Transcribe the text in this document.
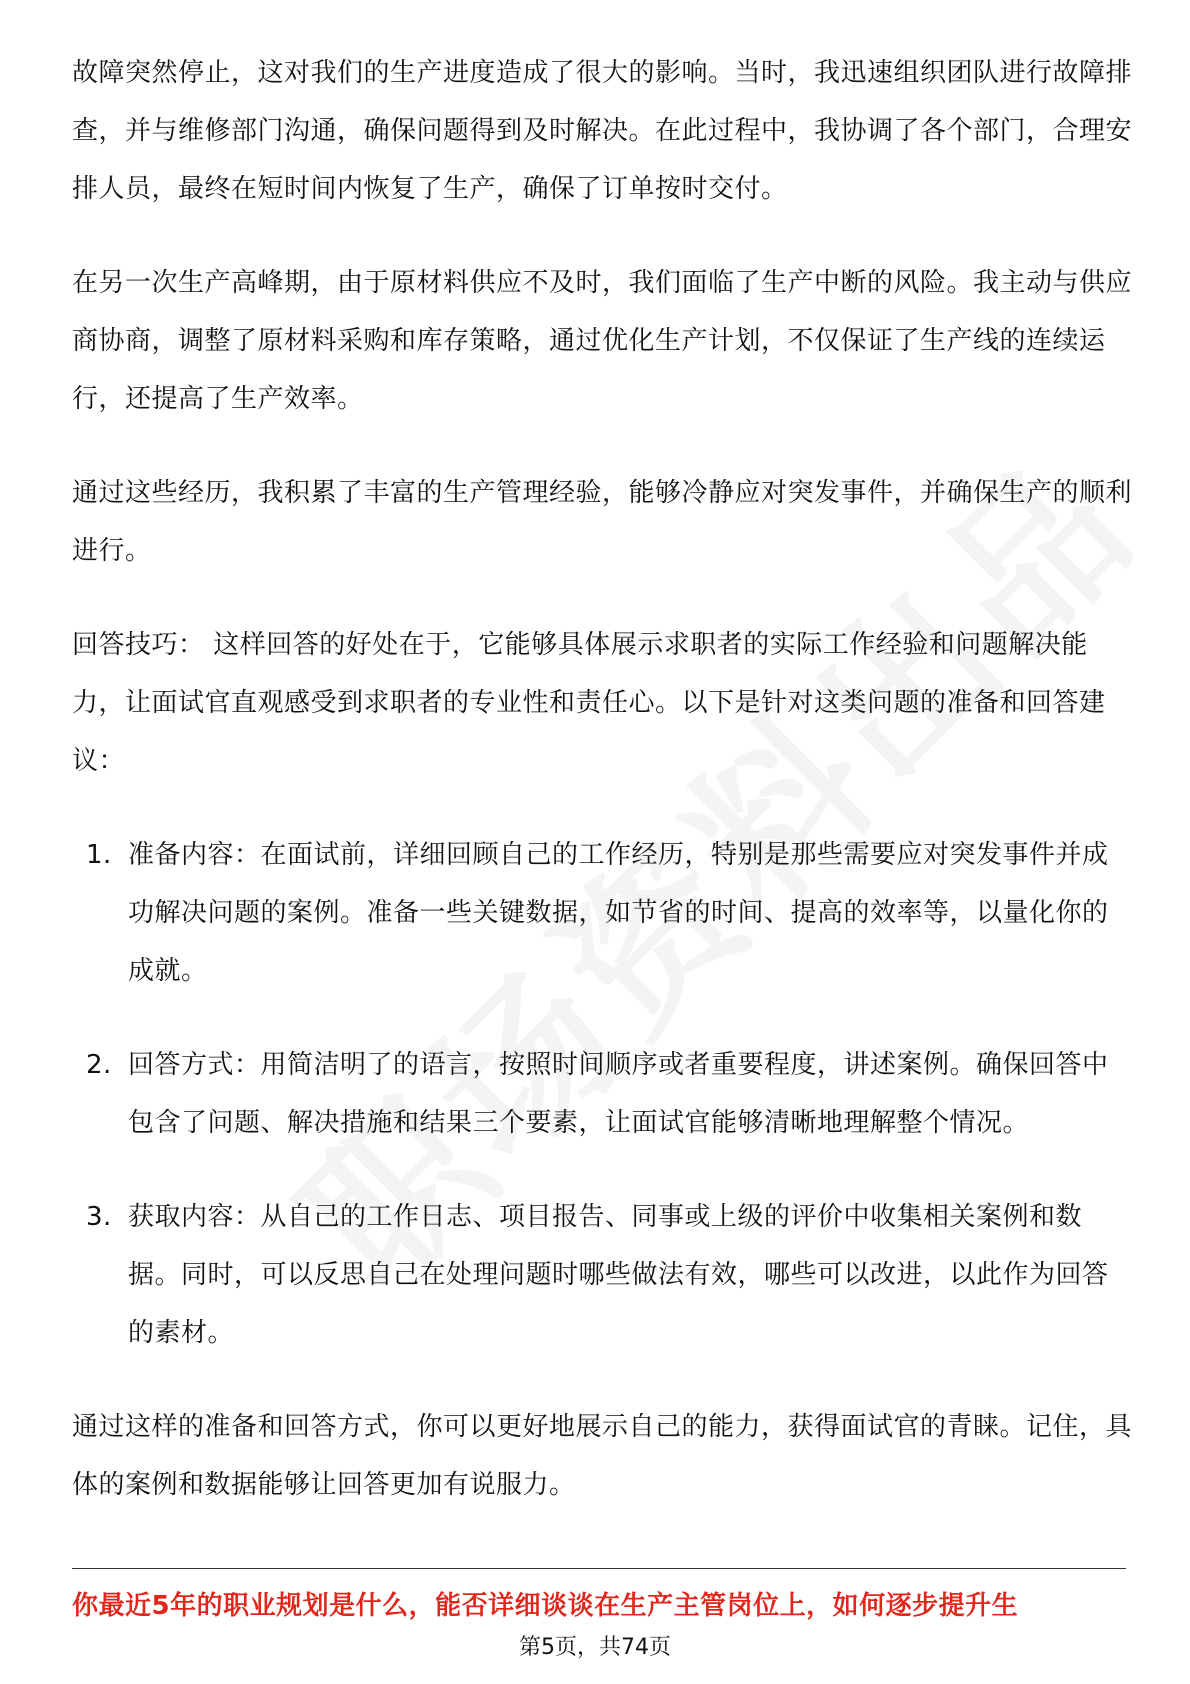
故障突然停止，这对我们的生产进度造成了很大的影响。当时，我迅速组织团队进行故障排查，并与维修部门沟通，确保问题得到及时解决。在此过程中，我协调了各个部门，合理安排人员，最终在短时间内恢复了生产，确保了订单按时交付。

在另一次生产高峰期，由于原材料供应不及时，我们面临了生产中断的风险。我主动与供应商协商，调整了原材料采购和库存策略，通过优化生产计划，不仅保证了生产线的连续运行，还提高了生产效率。

通过这些经历，我积累了丰富的生产管理经验，能够冷静应对突发事件，并确保生产的顺利进行。

回答技巧： 这样回答的好处在于，它能够具体展示求职者的实际工作经验和问题解决能力，让面试官直观感受到求职者的专业性和责任心。以下是针对这类问题的准备和回答建议：

1. 准备内容：在面试前，详细回顾自己的工作经历，特别是那些需要应对突发事件并成功解决问题的案例。准备一些关键数据，如节省的时间、提高的效率等，以量化你的成就。
2. 回答方式：用简洁明了的语言，按照时间顺序或者重要程度，讲述案例。确保回答中包含了问题、解决措施和结果三个要素，让面试官能够清晰地理解整个情况。
3. 获取内容：从自己的工作日志、项目报告、同事或上级的评价中收集相关案例和数据。同时，可以反思自己在处理问题时哪些做法有效，哪些可以改进，以此作为回答的素材。

通过这样的准备和回答方式，你可以更好地展示自己的能力，获得面试官的青睐。记住，具体的案例和数据能够让回答更加有说服力。

你最近5年的职业规划是什么，能否详细谈谈在生产主管岗位上，如何逐步提升生
第5页，共74页
